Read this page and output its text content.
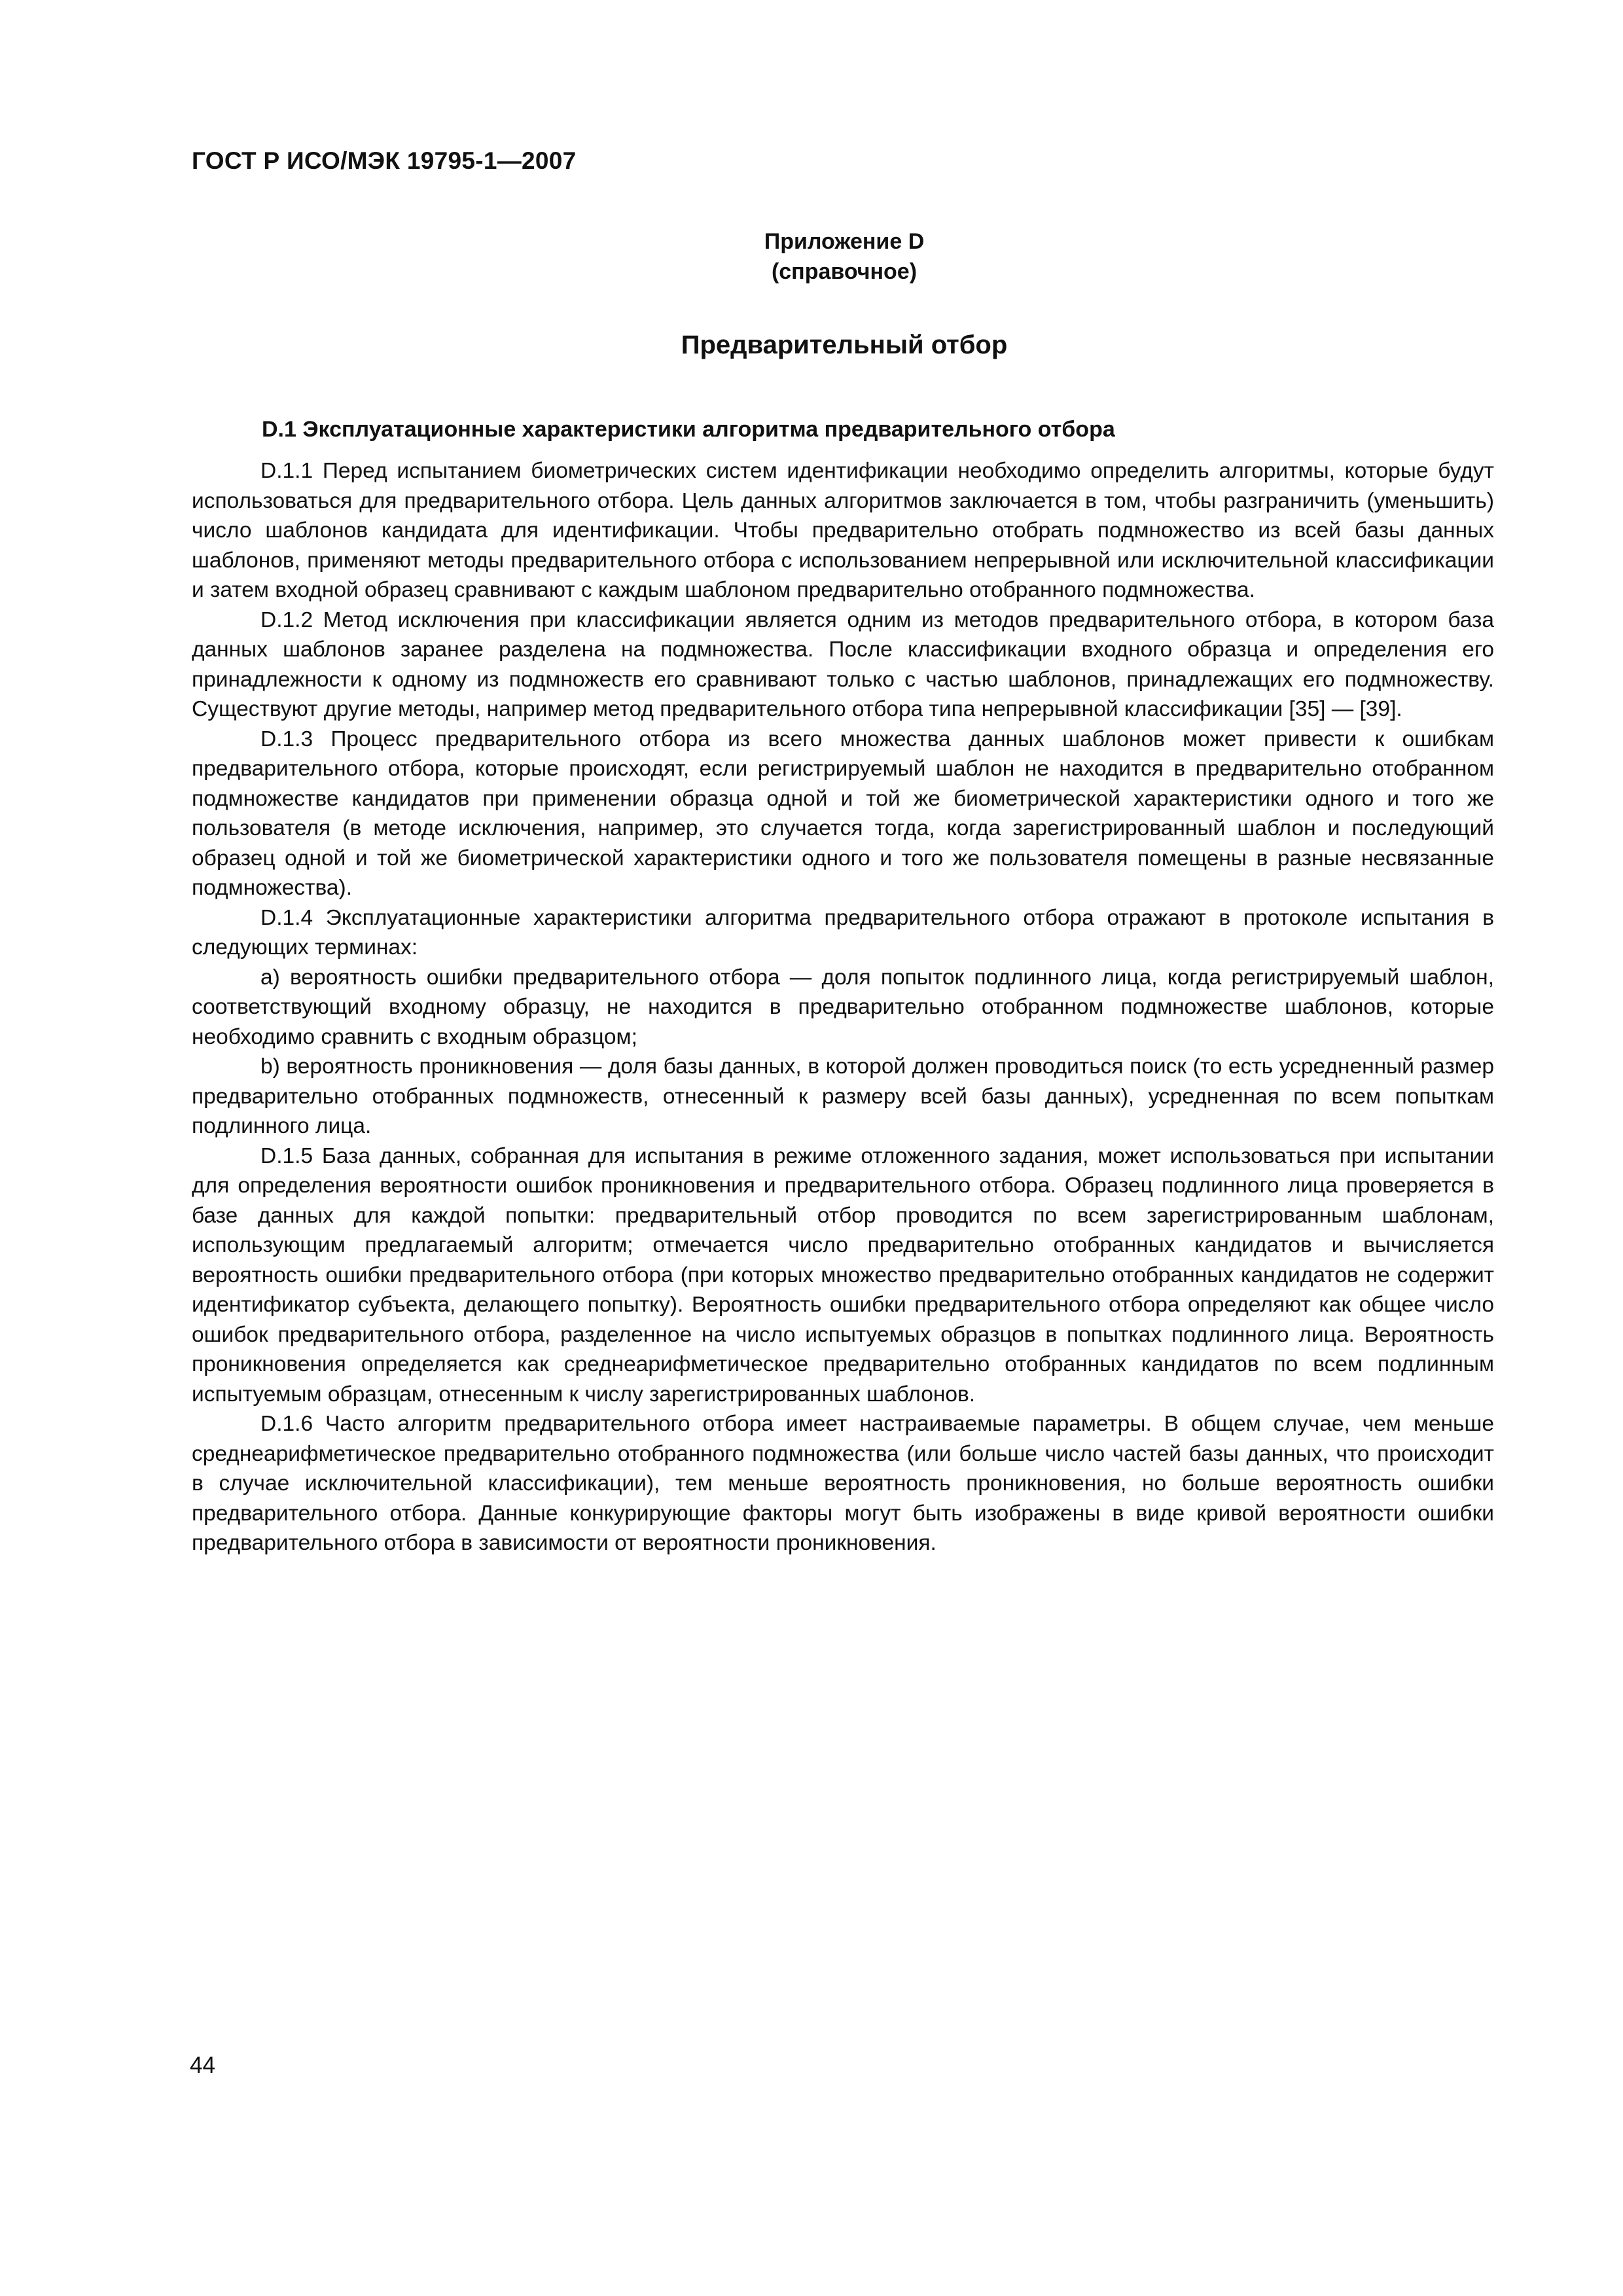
ГОСТ Р ИСО/МЭК 19795-1—2007
Приложение D
(справочное)
Предварительный отбор
D.1 Эксплуатационные характеристики алгоритма предварительного отбора

D.1.1 Перед испытанием биометрических систем идентификации необходимо определить алгоритмы, которые будут использоваться для предварительного отбора. Цель данных алгоритмов заключается в том, чтобы разграничить (уменьшить) число шаблонов кандидата для идентификации. Чтобы предварительно отобрать подмножество из всей базы данных шаблонов, применяют методы предварительного отбора с использованием непрерывной или исключительной классификации и затем входной образец сравнивают с каждым шаблоном предварительно отобранного подмножества.

D.1.2 Метод исключения при классификации является одним из методов предварительного отбора, в котором база данных шаблонов заранее разделена на подмножества. После классификации входного образца и определения его принадлежности к одному из подмножеств его сравнивают только с частью шаблонов, принадлежащих его подмножеству. Существуют другие методы, например метод предварительного отбора типа непрерывной классификации [35] — [39].

D.1.3 Процесс предварительного отбора из всего множества данных шаблонов может привести к ошибкам предварительного отбора, которые происходят, если регистрируемый шаблон не находится в предварительно отобранном подмножестве кандидатов при применении образца одной и той же биометрической характеристики одного и того же пользователя (в методе исключения, например, это случается тогда, когда зарегистрированный шаблон и последующий образец одной и той же биометрической характеристики одного и того же пользователя помещены в разные несвязанные подмножества).

D.1.4 Эксплуатационные характеристики алгоритма предварительного отбора отражают в протоколе испытания в следующих терминах:

a) вероятность ошибки предварительного отбора — доля попыток подлинного лица, когда регистрируемый шаблон, соответствующий входному образцу, не находится в предварительно отобранном подмножестве шаблонов, которые необходимо сравнить с входным образцом;

b) вероятность проникновения — доля базы данных, в которой должен проводиться поиск (то есть усредненный размер предварительно отобранных подмножеств, отнесенный к размеру всей базы данных), усредненная по всем попыткам подлинного лица.

D.1.5 База данных, собранная для испытания в режиме отложенного задания, может использоваться при испытании для определения вероятности ошибок проникновения и предварительного отбора. Образец подлинного лица проверяется в базе данных для каждой попытки: предварительный отбор проводится по всем зарегистрированным шаблонам, использующим предлагаемый алгоритм; отмечается число предварительно отобранных кандидатов и вычисляется вероятность ошибки предварительного отбора (при которых множество предварительно отобранных кандидатов не содержит идентификатор субъекта, делающего попытку). Вероятность ошибки предварительного отбора определяют как общее число ошибок предварительного отбора, разделенное на число испытуемых образцов в попытках подлинного лица. Вероятность проникновения определяется как среднеарифметическое предварительно отобранных кандидатов по всем подлинным испытуемым образцам, отнесенным к числу зарегистрированных шаблонов.

D.1.6 Часто алгоритм предварительного отбора имеет настраиваемые параметры. В общем случае, чем меньше среднеарифметическое предварительно отобранного подмножества (или больше число частей базы данных, что происходит в случае исключительной классификации), тем меньше вероятность проникновения, но больше вероятность ошибки предварительного отбора. Данные конкурирующие факторы могут быть изображены в виде кривой вероятности ошибки предварительного отбора в зависимости от вероятности проникновения.

44
